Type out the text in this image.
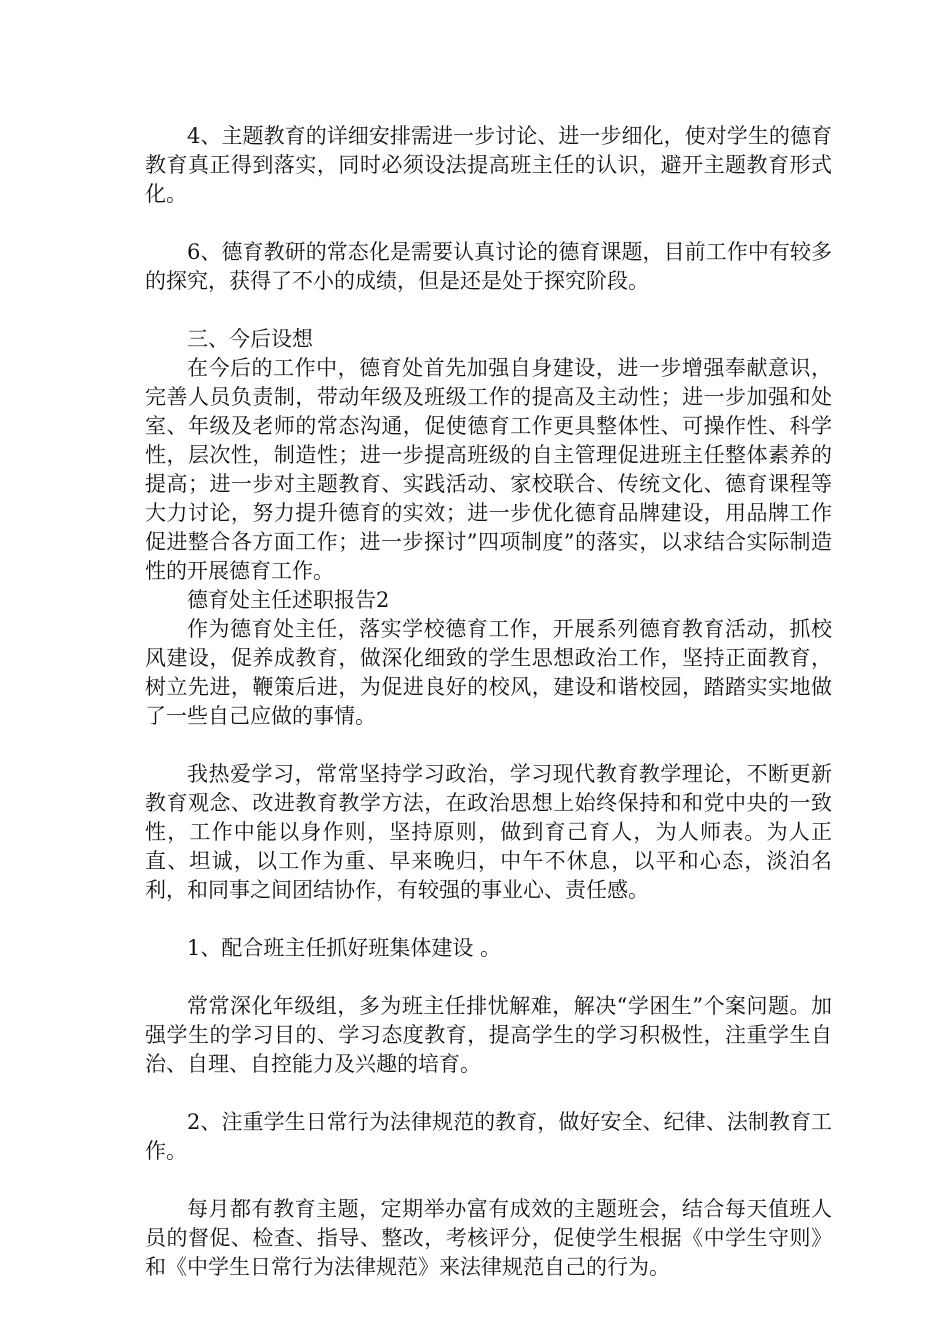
4、主题教育的详细安排需进一步讨论、进一步细化，使对学生的德育教育真正得到落实，同时必须设法提高班主任的认识，避开主题教育形式化。

6、德育教研的常态化是需要认真讨论的德育课题，目前工作中有较多的探究，获得了不小的成绩，但是还是处于探究阶段。

三、今后设想

在今后的工作中，德育处首先加强自身建设，进一步增强奉献意识，完善人员负责制，带动年级及班级工作的提高及主动性；进一步加强和处室、年级及老师的常态沟通，促使德育工作更具整体性、可操作性、科学性，层次性，制造性；进一步提高班级的自主管理促进班主任整体素养的提高；进一步对主题教育、实践活动、家校联合、传统文化、德育课程等大力讨论，努力提升德育的实效；进一步优化德育品牌建设，用品牌工作促进整合各方面工作；进一步探讨”四项制度”的落实，以求结合实际制造性的开展德育工作。

德育处主任述职报告2

作为德育处主任，落实学校德育工作，开展系列德育教育活动，抓校风建设，促养成教育，做深化细致的学生思想政治工作，坚持正面教育，树立先进，鞭策后进，为促进良好的校风，建设和谐校园，踏踏实实地做了一些自己应做的事情。

我热爱学习，常常坚持学习政治，学习现代教育教学理论，不断更新教育观念、改进教育教学方法，在政治思想上始终保持和和党中央的一致性，工作中能以身作则，坚持原则，做到育己育人，为人师表。为人正直、坦诚，以工作为重、早来晚归，中午不休息，以平和心态，淡泊名利，和同事之间团结协作，有较强的事业心、责任感。

1、配合班主任抓好班集体建设 。

常常深化年级组，多为班主任排忧解难，解决“学困生”个案问题。加强学生的学习目的、学习态度教育，提高学生的学习积极性，注重学生自治、自理、自控能力及兴趣的培育。

2、注重学生日常行为法律规范的教育，做好安全、纪律、法制教育工作。

每月都有教育主题，定期举办富有成效的主题班会，结合每天值班人员的督促、检查、指导、整改，考核评分，促使学生根据《中学生守则》和《中学生日常行为法律规范》来法律规范自己的行为。
